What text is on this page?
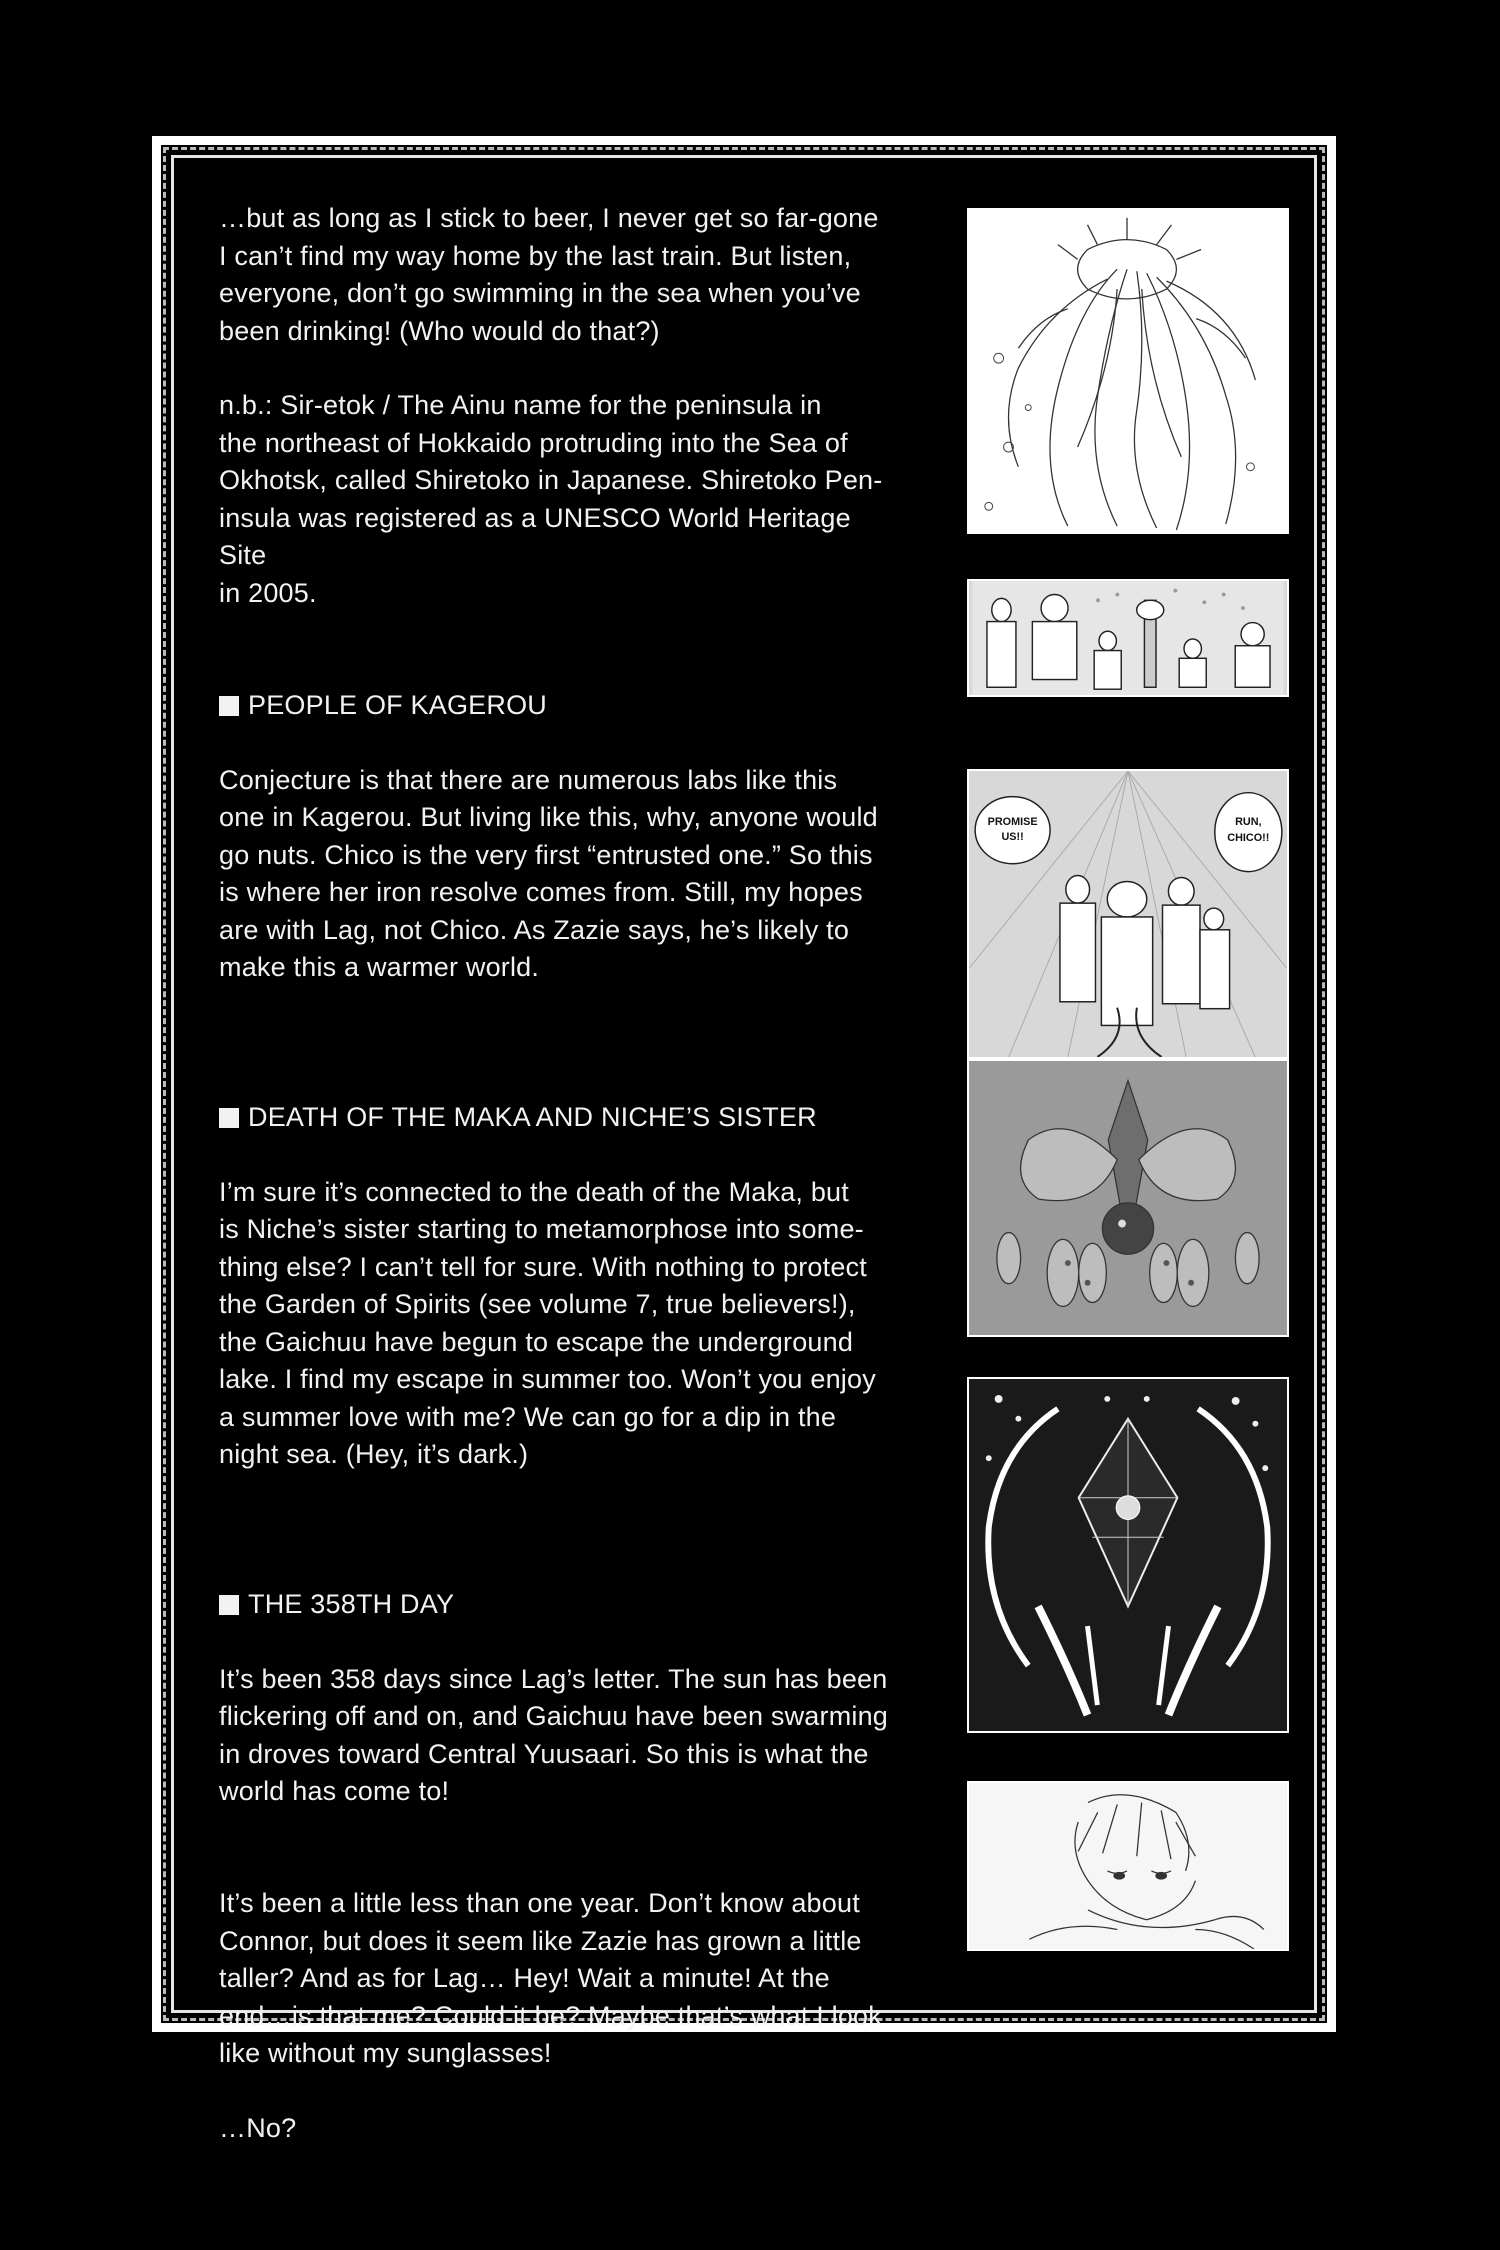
…but as long as I stick to beer, I never get so far-gone
I can’t find my way home by the last train. But listen,
everyone, don’t go swimming in the sea when you’ve
been drinking! (Who would do that?)

n.b.: Sir-etok / The Ainu name for the peninsula in
the northeast of Hokkaido protruding into the Sea of
Okhotsk, called Shiretoko in Japanese. Shiretoko Pen-
insula was registered as a UNESCO World Heritage Site
in 2005.

PEOPLE OF KAGEROU

Conjecture is that there are numerous labs like this
one in Kagerou. But living like this, why, anyone would
go nuts. Chico is the very first “entrusted one.” So this
is where her iron resolve comes from. Still, my hopes
are with Lag, not Chico. As Zazie says, he’s likely to
make this a warmer world.

DEATH OF THE MAKA AND NICHE’S SISTER

I’m sure it’s connected to the death of the Maka, but
is Niche’s sister starting to metamorphose into some-
thing else? I can’t tell for sure. With nothing to protect
the Garden of Spirits (see volume 7, true believers!),
the Gaichuu have begun to escape the underground
lake. I find my escape in summer too. Won’t you enjoy
a summer love with me? We can go for a dip in the
night sea. (Hey, it’s dark.)

THE 358TH DAY

It’s been 358 days since Lag’s letter. The sun has been
flickering off and on, and Gaichuu have been swarming
in droves toward Central Yuusaari. So this is what the
world has come to!

It’s been a little less than one year. Don’t know about
Connor, but does it seem like Zazie has grown a little
taller? And as for Lag… Hey! Wait a minute! At the
end…is that me? Could it be? Maybe that’s what I look
like without my sunglasses!

…No?

PROMISE
US!!
RUN,
CHICO!!
